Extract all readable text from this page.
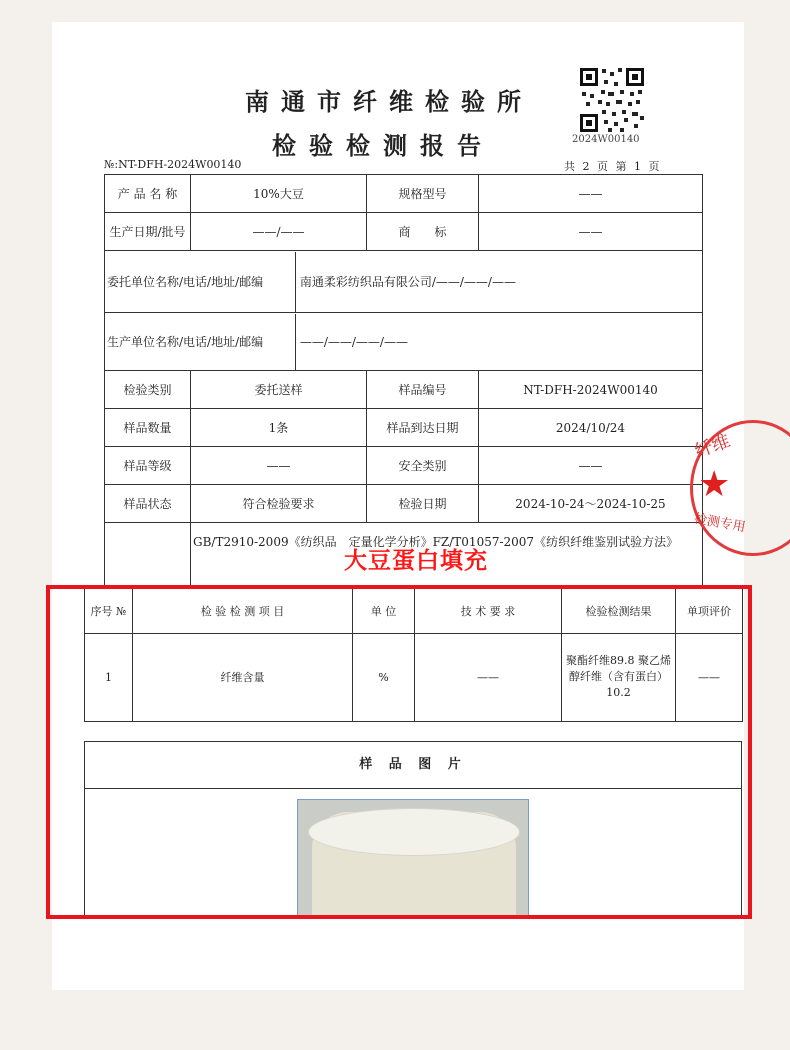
南通市纤维检验所
检验检测报告	2024W00140
№:NT-DFH-2024W00140	共 2 页 第 1 页
产 品 名 称	10%大豆	规格型号	——
生产日期/批号	——/——	商　　标	——
委托单位名称/电话/地址/邮编 南通柔彩纺织品有限公司/——/——/——			
生产单位名称/电话/地址/邮编 ——/——/——/——			
检验类别	委托送样	样品编号	NT-DFH-2024W00140
样品数量	1条	样品到达日期	2024/10/24
样品等级	——	安全类别	——
样品状态	符合检验要求	检验日期	2024-10-24～2024-10-25
	GB/T2910-2009《纺织品　定量化学分析》FZ/T01057-2007《纺织纤维鉴别试验方法》		
纤维
★
检测专用
大豆蛋白填充
序号 №	检 验 检 测 项 目	单 位	技 术 要 求	检验检测结果	单项评价
1	纤维含量	%	——	聚酯纤维89.8 聚乙烯醇纤维（含有蛋白）10.2	——
样 品 图 片
